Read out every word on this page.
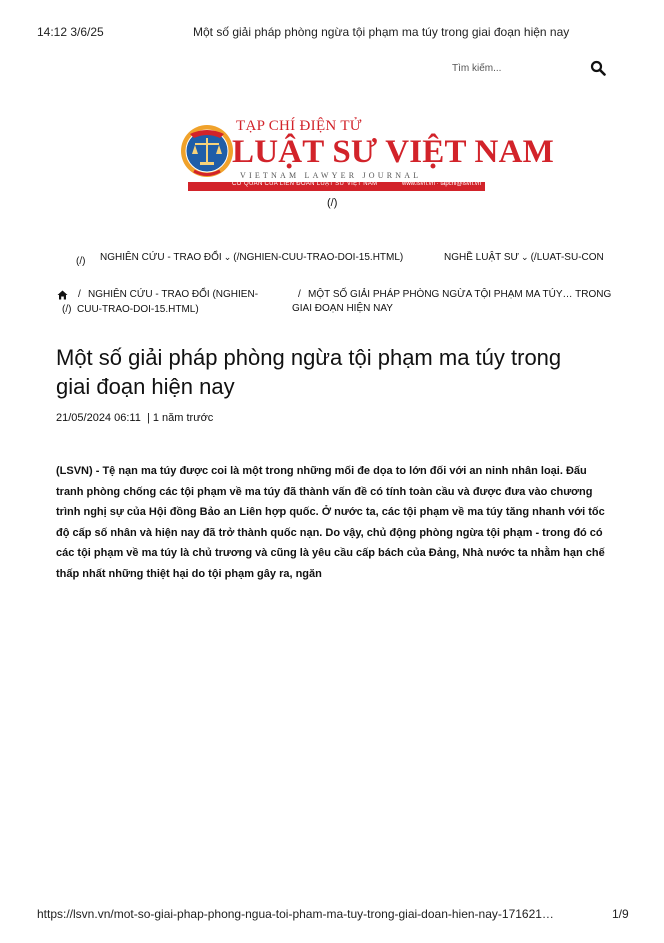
14:12 3/6/25	Một số giải pháp phòng ngừa tội phạm ma túy trong giai đoạn hiện nay
Tìm kiếm...
TẠP CHÍ ĐIỆN TỬ
LUẬT SƯ VIỆT NAM
VIETNAM LAWYER JOURNAL
CƠ QUAN CỦA LIÊN ĐOÀN LUẬT SƯ VIỆT NAM	www.lsvn.vn · tapchi@lsvn.vn
(/)
(/) NGHIÊN CỨU - TRAO ĐỔI ⌄ (/NGHIEN-CUU-TRAO-DOI-15.HTML)	NGHỀ LUẬT SƯ ⌄ (/LUAT-SU-CON
/ NGHIÊN CỨU - TRAO ĐỔI (NGHIEN-
(/) CUU-TRAO-DOI-15.HTML)
/ MỘT SỐ GIẢI PHÁP PHÒNG NGỪA TỘI PHẠM MA TÚY… TRONG GIAI ĐOẠN HIỆN NAY
Một số giải pháp phòng ngừa tội phạm ma túy trong giai đoạn hiện nay
21/05/2024 06:11 | 1 năm trước
(LSVN) - Tệ nạn ma túy được coi là một trong những mối đe dọa to lớn đối với an ninh nhân loại. Đấu tranh phòng chống các tội phạm về ma túy đã thành vấn đề có tính toàn cầu và được đưa vào chương trình nghị sự của Hội đồng Bảo an Liên hợp quốc. Ở nước ta, các tội phạm về ma túy tăng nhanh với tốc độ cấp số nhân và hiện nay đã trở thành quốc nạn. Do vậy, chủ động phòng ngừa tội phạm - trong đó có các tội phạm về ma túy là chủ trương và cũng là yêu cầu cấp bách của Đảng, Nhà nước ta nhằm hạn chế thấp nhất những thiệt hại do tội phạm gây ra, ngăn
https://lsvn.vn/mot-so-giai-phap-phong-ngua-toi-pham-ma-tuy-trong-giai-doan-hien-nay-171621…	1/9
